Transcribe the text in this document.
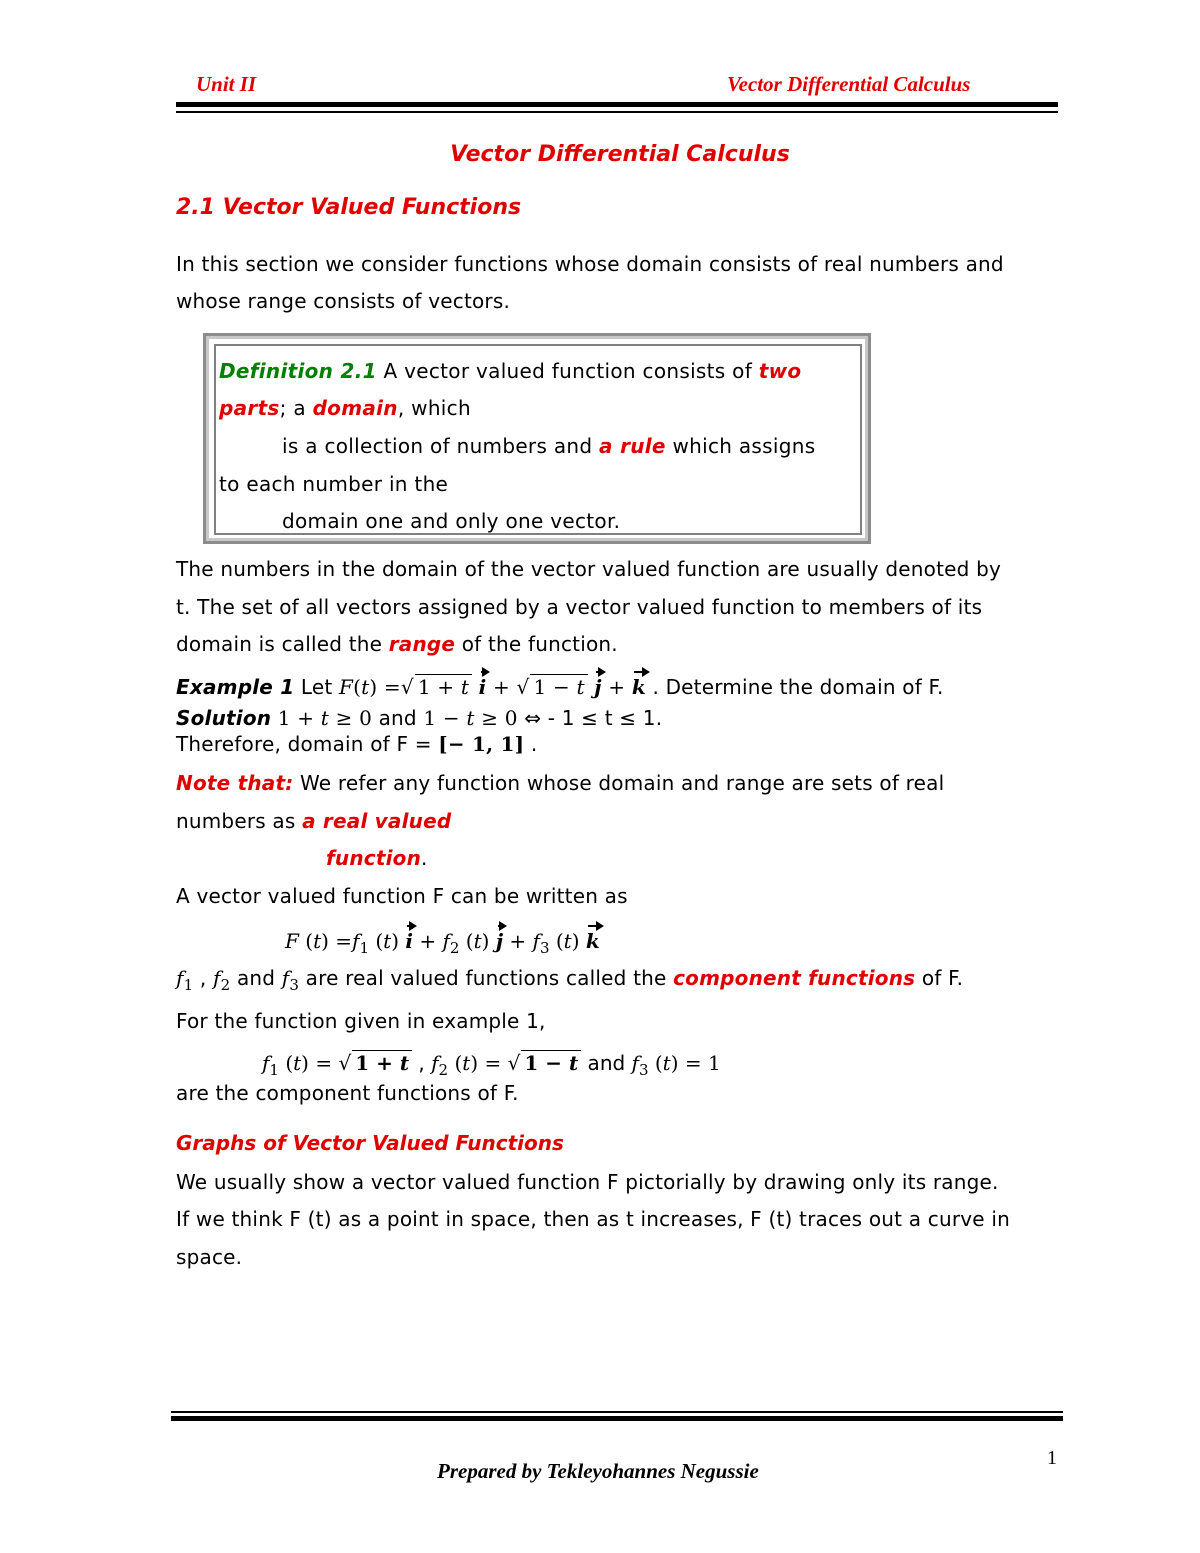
Unit II	Vector Differential Calculus
Vector Differential Calculus
2.1 Vector Valued Functions
In this section we consider functions whose domain consists of real numbers and
whose range consists of vectors.
Definition 2.1 A vector valued function consists of two
parts; a domain, which
is a collection of numbers and a rule which assigns
to each number in the
domain one and only one vector.
The numbers in the domain of the vector valued function are usually denoted by
t. The set of all vectors assigned by a vector valued function to members of its
domain is called the range of the function.
Example 1 Let F(t) =√ 1 + t i + √ 1 − t j + k . Determine the domain of F.
Solution 1 + t ≥ 0 and 1 − t ≥ 0 ⇔ - 1 ≤ t ≤ 1.
Therefore, domain of F = [− 1, 1] .
Note that: We refer any function whose domain and range are sets of real
numbers as a real valued
function.
A vector valued function F can be written as
F $(t) =f_1$ (t) $i + f_2$ (t) $j + f_3$ (t) k
$f_1$ , $f_2$ and $f_3$ are real valued functions called the component functions of F.
For the function given in example 1,
$f_1$ (t) = √ 1 + t , $f_2$ (t) = √ 1 − t and $f_3$ (t) = 1
are the component functions of F.
Graphs of Vector Valued Functions
We usually show a vector valued function F pictorially by drawing only its range.
If we think F (t) as a point in space, then as t increases, F (t) traces out a curve in
space.
1
Prepared by Tekleyohannes Negussie
